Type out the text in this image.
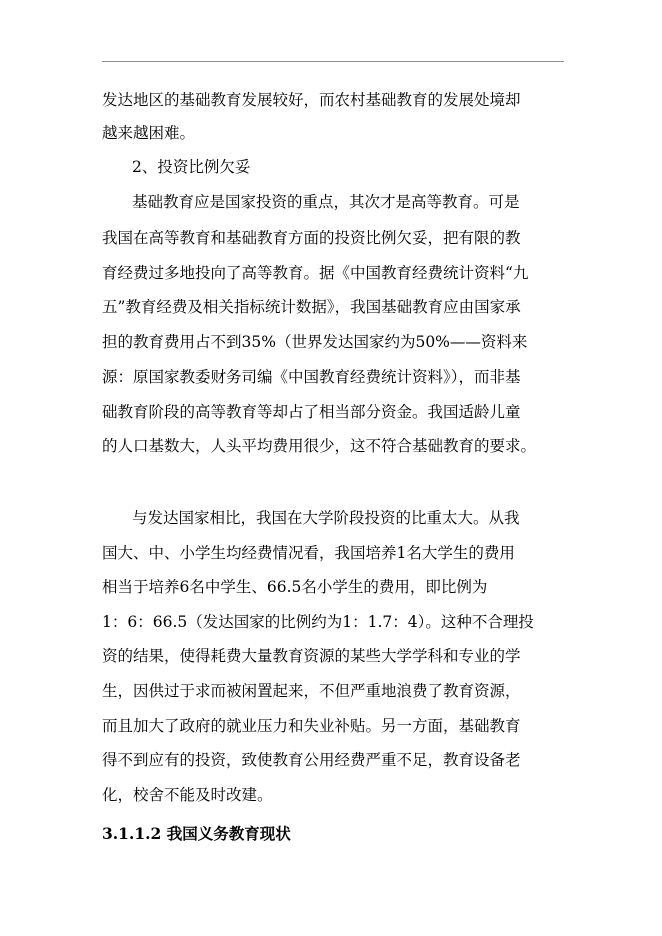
发达地区的基础教育发展较好，而农村基础教育的发展处境却
越来越困难。
2、投资比例欠妥
基础教育应是国家投资的重点，其次才是高等教育。可是
我国在高等教育和基础教育方面的投资比例欠妥，把有限的教
育经费过多地投向了高等教育。据《中国教育经费统计资料“九
五”教育经费及相关指标统计数据》，我国基础教育应由国家承
担的教育费用占不到35%（世界发达国家约为50%——资料来
源：原国家教委财务司编《中国教育经费统计资料》），而非基
础教育阶段的高等教育等却占了相当部分资金。我国适龄儿童
的人口基数大，人头平均费用很少，这不符合基础教育的要求。
与发达国家相比，我国在大学阶段投资的比重太大。从我
国大、中、小学生均经费情况看，我国培养1名大学生的费用
相当于培养6名中学生、66.5名小学生的费用，即比例为
1：6：66.5（发达国家的比例约为1：1.7：4）。这种不合理投
资的结果，使得耗费大量教育资源的某些大学学科和专业的学
生，因供过于求而被闲置起来，不但严重地浪费了教育资源，
而且加大了政府的就业压力和失业补贴。另一方面，基础教育
得不到应有的投资，致使教育公用经费严重不足，教育设备老
化，校舍不能及时改建。
3.1.1.2 我国义务教育现状
